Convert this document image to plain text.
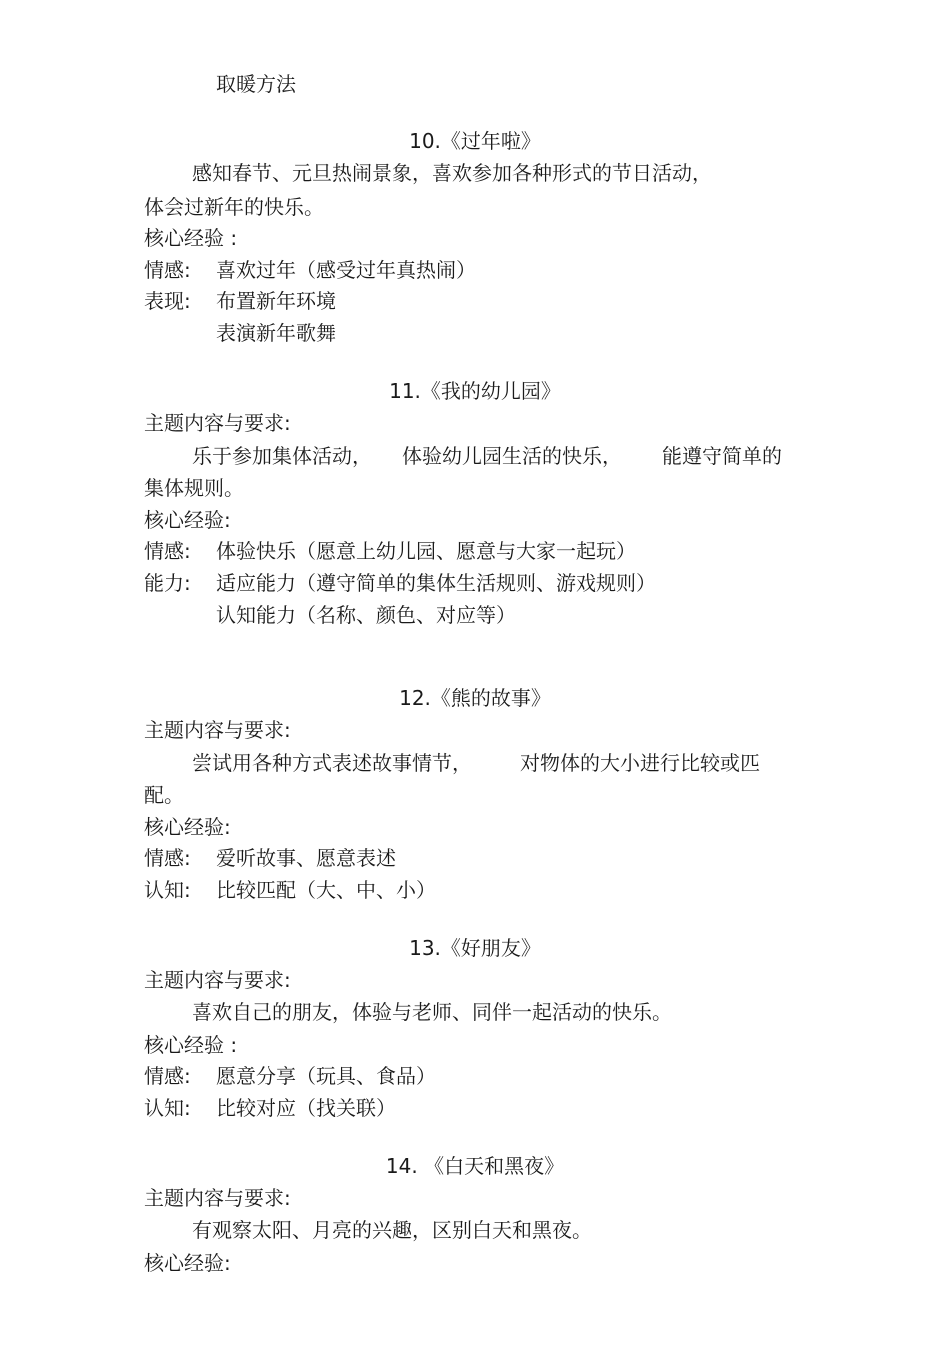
取暖方法
10.《过年啦》
感知春节、元旦热闹景象，喜欢参加各种形式的节日活动，
体会过新年的快乐。
核心经验 :
情感: 喜欢过年（感受过年真热闹）
表现: 布置新年环境
表演新年歌舞
11.《我的幼儿园》
主题内容与要求:
乐于参加集体活动， 体验幼儿园生活的快乐， 能遵守简单的
集体规则。
核心经验:
情感: 体验快乐（愿意上幼儿园、愿意与大家一起玩）
能力: 适应能力（遵守简单的集体生活规则、游戏规则）
认知能力（名称、颜色、对应等）
12.《熊的故事》
主题内容与要求:
尝试用各种方式表述故事情节， 对物体的大小进行比较或匹
配。
核心经验:
情感: 爱听故事、愿意表述
认知: 比较匹配（大、中、小）
13.《好朋友》
主题内容与要求:
喜欢自己的朋友，体验与老师、同伴一起活动的快乐。
核心经验 :
情感: 愿意分享（玩具、食品）
认知: 比较对应（找关联）
14. 《白天和黑夜》
主题内容与要求:
有观察太阳、月亮的兴趣，区别白天和黑夜。
核心经验:
